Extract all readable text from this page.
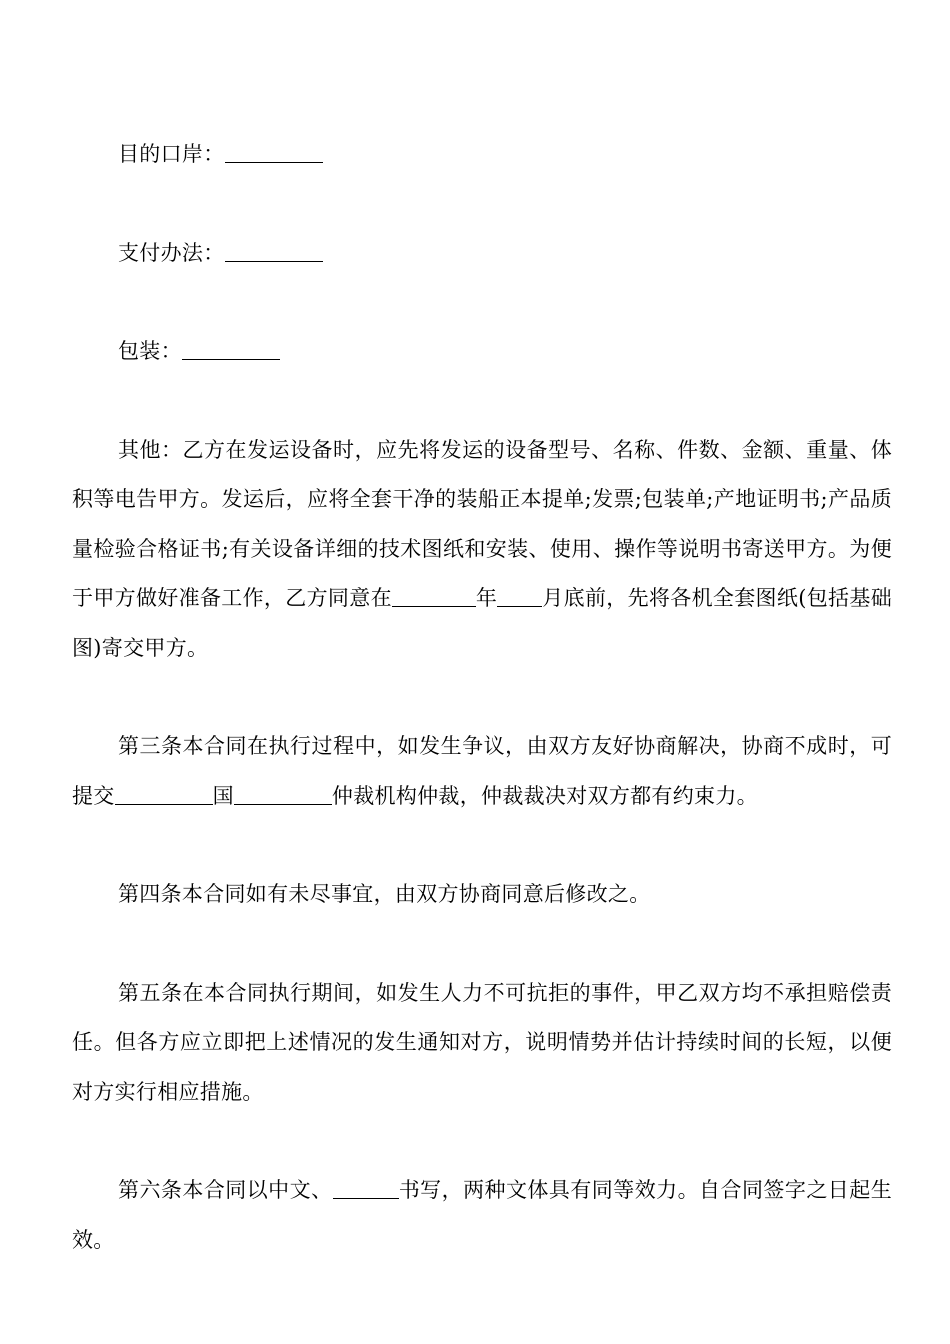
目的口岸：

支付办法：

包装：

其他：乙方在发运设备时，应先将发运的设备型号、名称、件数、金额、重量、体积等电告甲方。发运后，应将全套干净的装船正本提单;发票;包装单;产地证明书;产品质量检验合格证书;有关设备详细的技术图纸和安装、使用、操作等说明书寄送甲方。为便于甲方做好准备工作，乙方同意在	年 月底前，先将各机全套图纸(包括基础图)寄交甲方。

第三条本合同在执行过程中，如发生争议，由双方友好协商解决，协商不成时，可提交	国	仲裁机构仲裁，仲裁裁决对双方都有约束力。

第四条本合同如有未尽事宜，由双方协商同意后修改之。

第五条在本合同执行期间，如发生人力不可抗拒的事件，甲乙双方均不承担赔偿责任。但各方应立即把上述情况的发生通知对方，说明情势并估计持续时间的长短，以便对方实行相应措施。

第六条本合同以中文、	书写，两种文体具有同等效力。自合同签字之日起生效。
